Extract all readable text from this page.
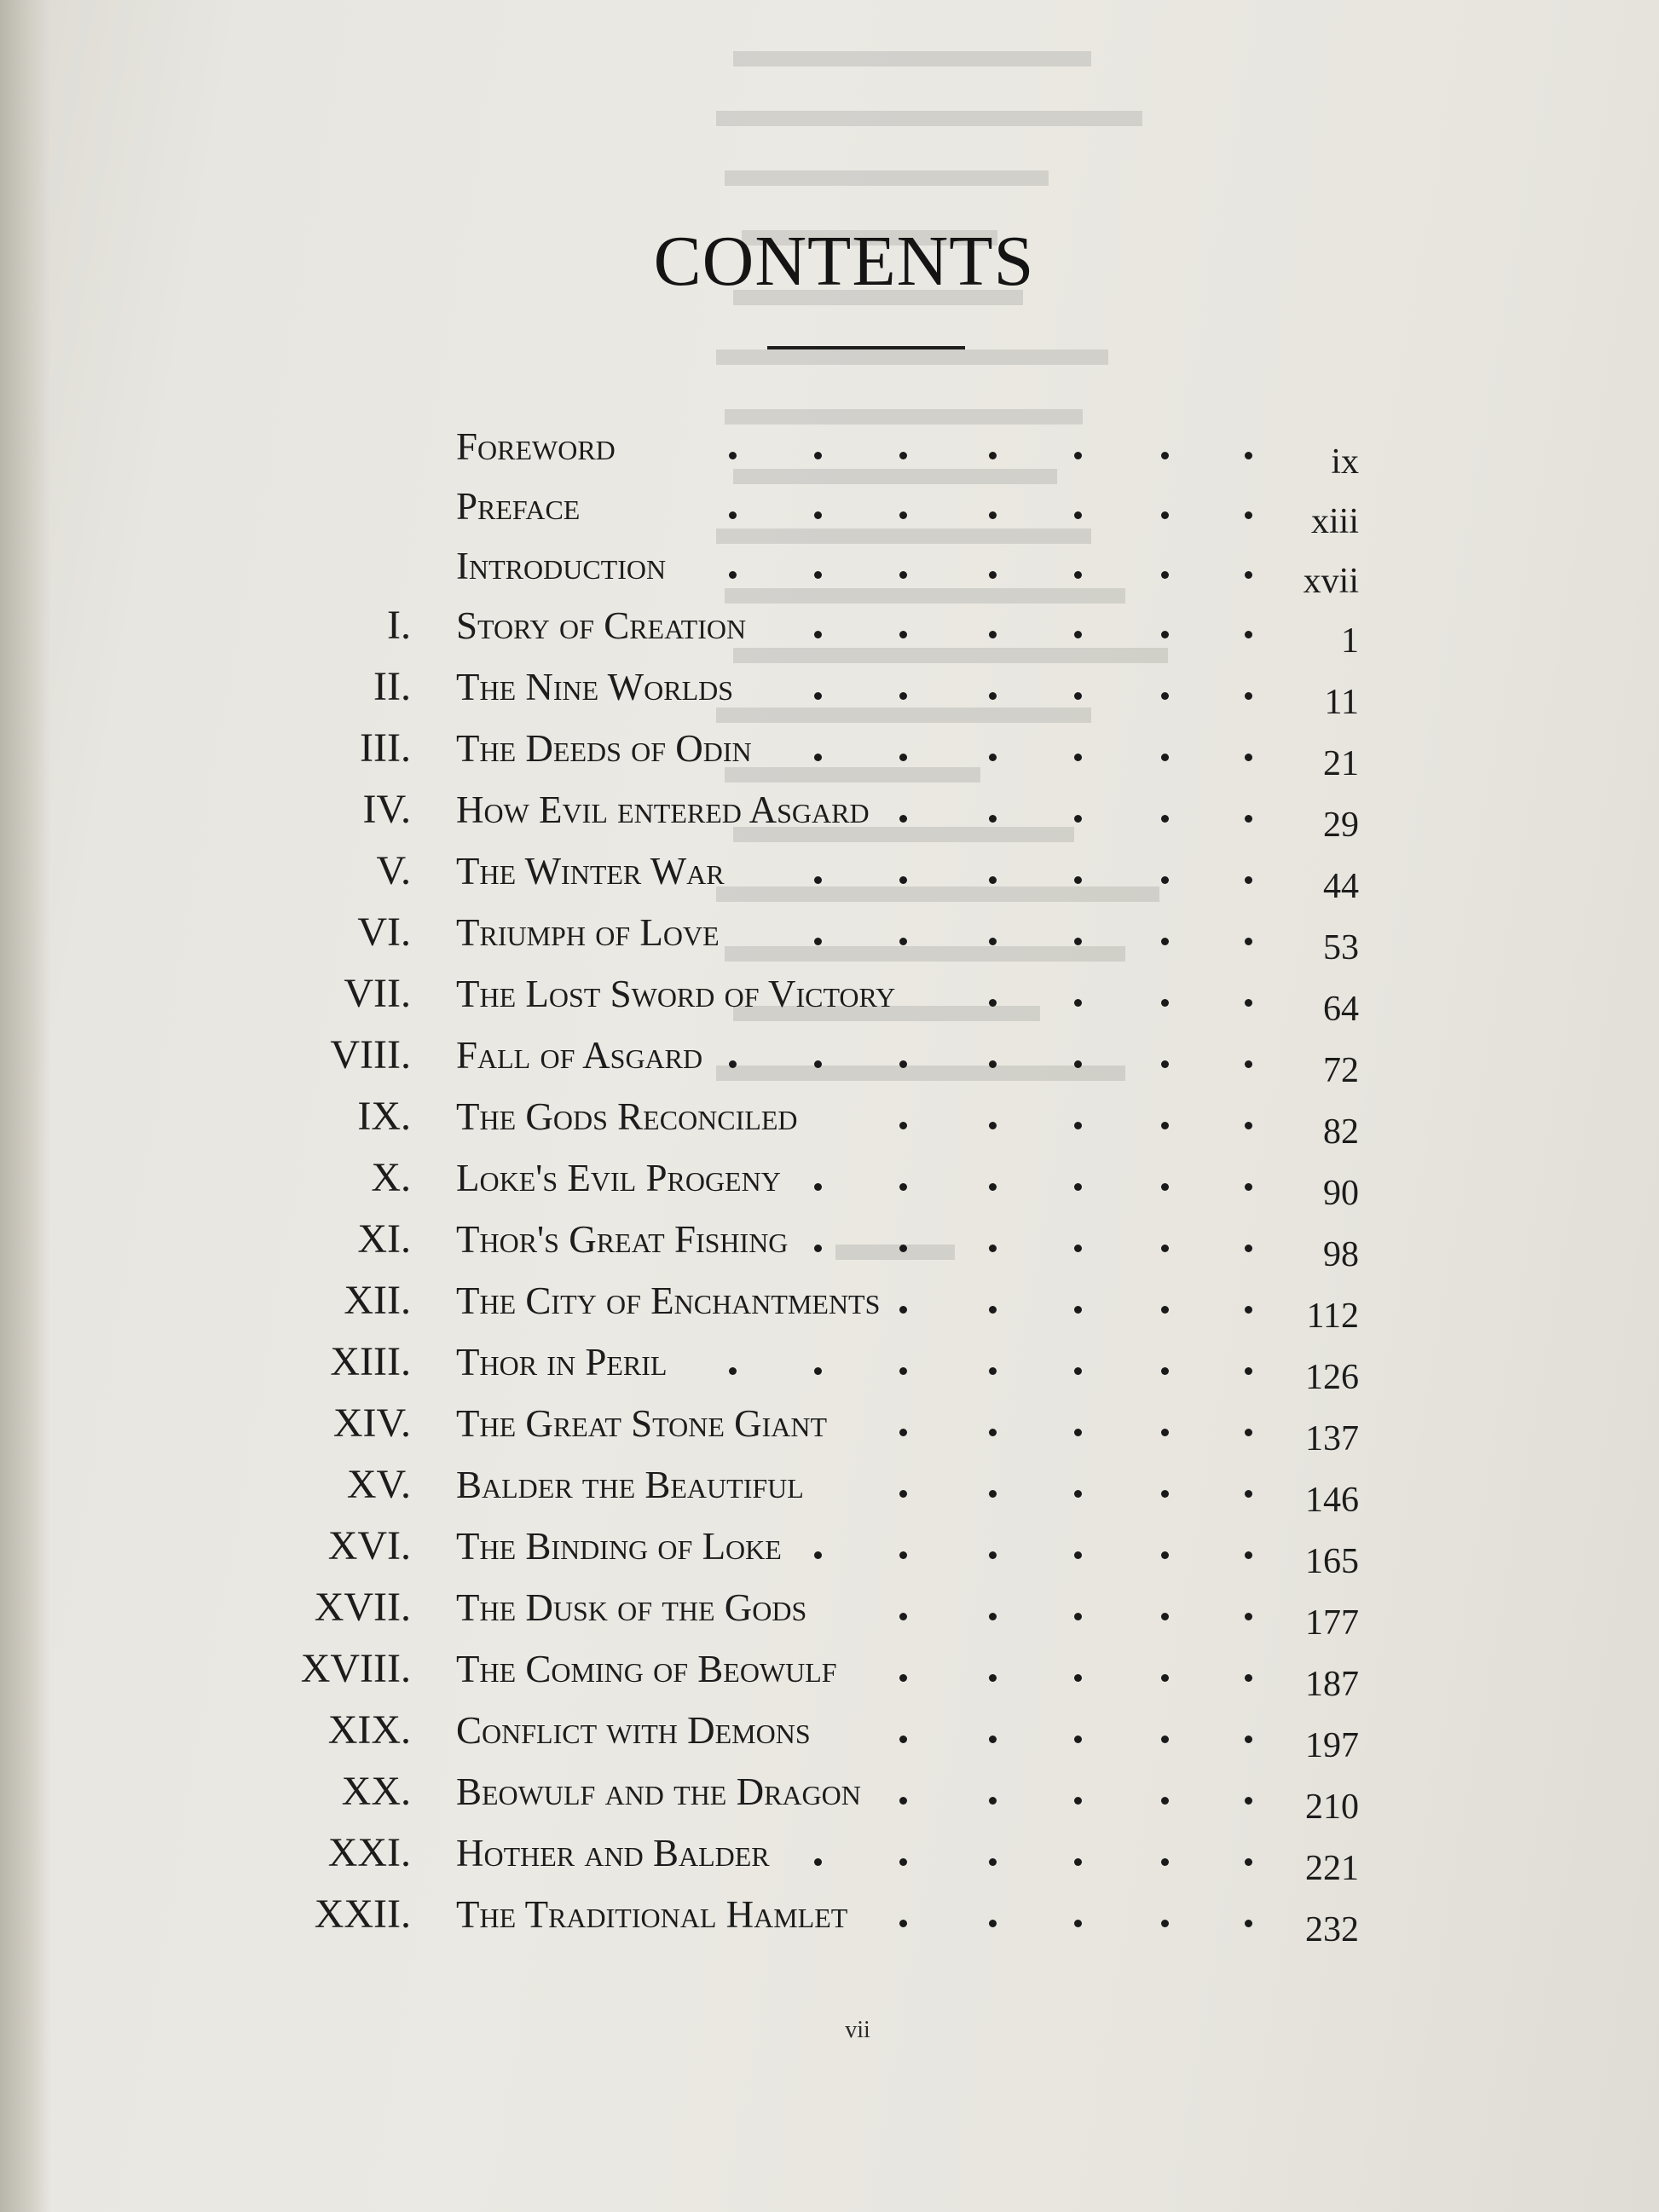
CONTENTS
Foreword	ix
Preface	xiii
Introduction	xvii
I. Story of Creation	1
II. The Nine Worlds	11
III. The Deeds of Odin	21
IV. How Evil entered Asgard	29
V. The Winter War	44
VI. Triumph of Love	53
VII. The Lost Sword of Victory	64
VIII. Fall of Asgard	72
IX. The Gods Reconciled	82
X. Loke's Evil Progeny	90
XI. Thor's Great Fishing	98
XII. The City of Enchantments	112
XIII. Thor in Peril	126
XIV. The Great Stone Giant	137
XV. Balder the Beautiful	146
XVI. The Binding of Loke	165
XVII. The Dusk of the Gods	177
XVIII. The Coming of Beowulf	187
XIX. Conflict with Demons	197
XX. Beowulf and the Dragon	210
XXI. Hother and Balder	221
XXII. The Traditional Hamlet	232
vii
